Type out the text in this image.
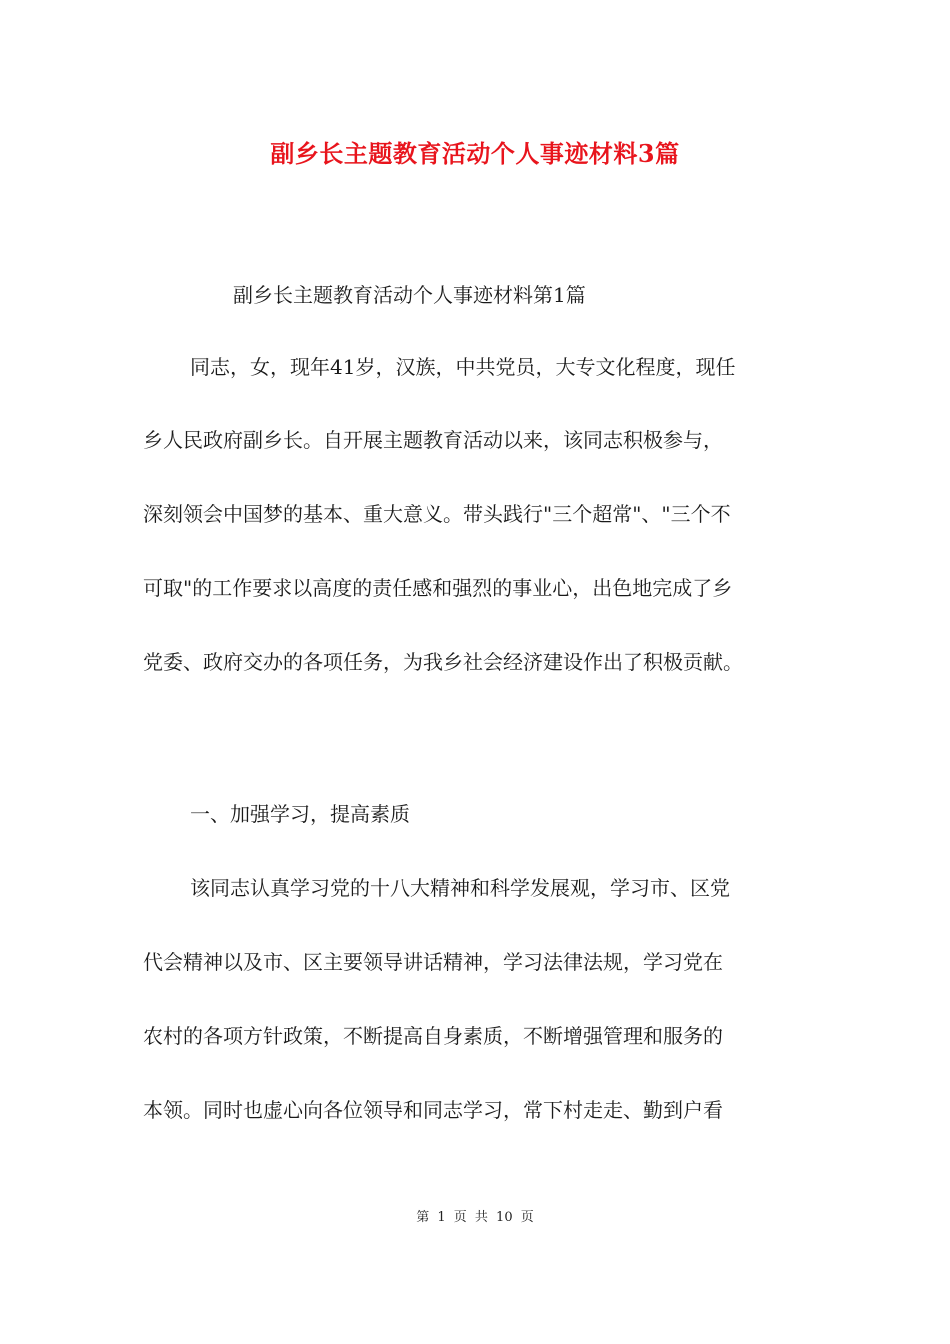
副乡长主题教育活动个人事迹材料3篇

副乡长主题教育活动个人事迹材料第1篇

同志，女，现年41岁，汉族，中共党员，大专文化程度，现任

乡人民政府副乡长。自开展主题教育活动以来，该同志积极参与，

深刻领会中国梦的基本、重大意义。带头践行"三个超常"、"三个不

可取"的工作要求以高度的责任感和强烈的事业心，出色地完成了乡

党委、政府交办的各项任务，为我乡社会经济建设作出了积极贡献。

一、加强学习，提高素质

该同志认真学习党的十八大精神和科学发展观，学习市、区党

代会精神以及市、区主要领导讲话精神，学习法律法规，学习党在

农村的各项方针政策，不断提高自身素质，不断增强管理和服务的

本领。同时也虚心向各位领导和同志学习，常下村走走、勤到户看

第 1 页 共 10 页
